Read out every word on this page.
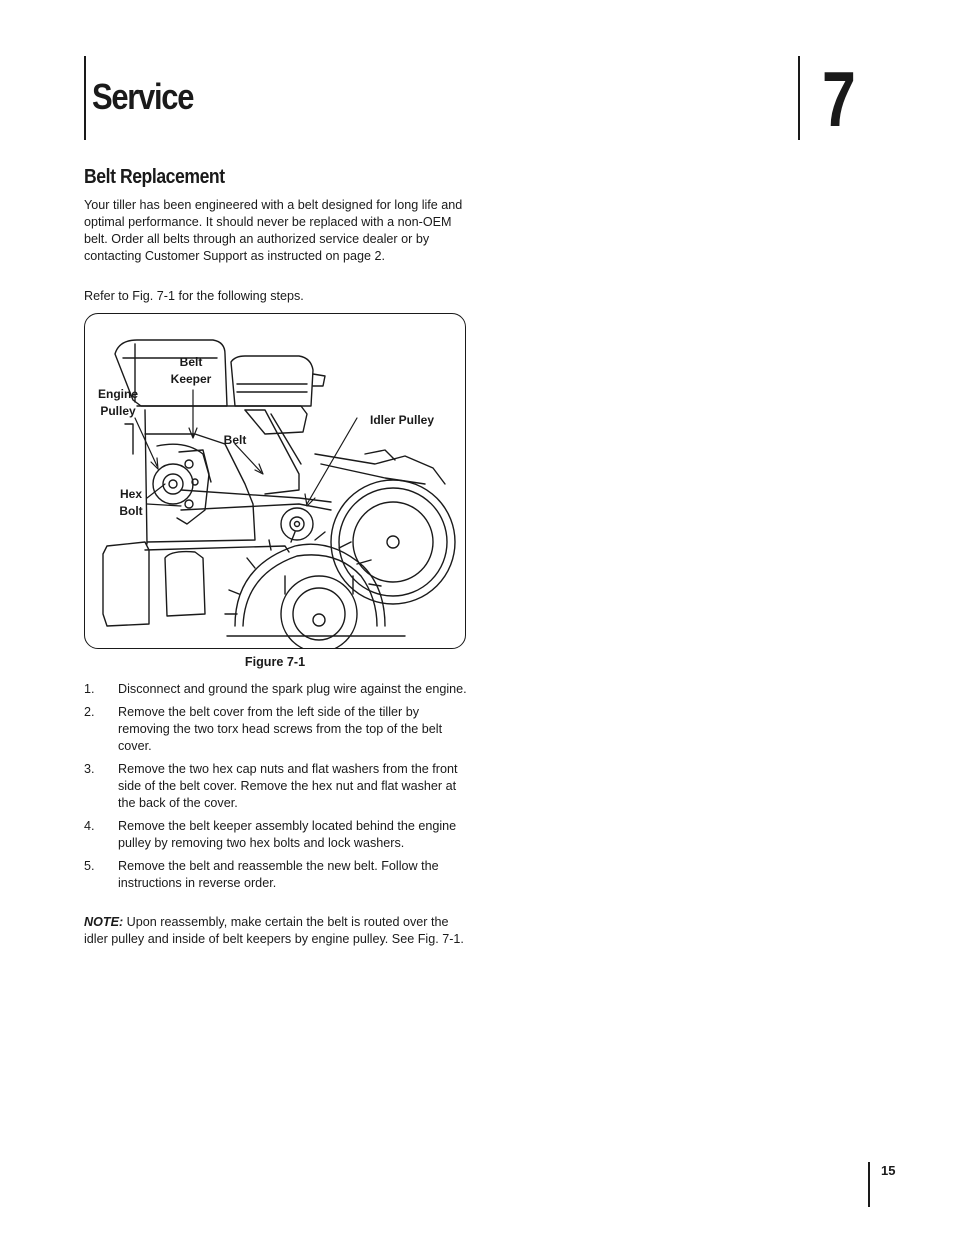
Service	7
Belt Replacement

Your tiller has been engineered with a belt designed for long life and optimal performance. It should never be replaced with a non-OEM belt. Order all belts through an authorized service dealer or by contacting Customer Support as instructed on page 2.

Refer to Fig. 7-1 for the following steps.

Belt
Keeper
Engine
Pulley
Belt
Idler Pulley
Hex
Bolt

Figure 7-1

1. Disconnect and ground the spark plug wire against the engine.
2. Remove the belt cover from the left side of the tiller by removing the two torx head screws from the top of the belt cover.
3. Remove the two hex cap nuts and flat washers from the front side of the belt cover. Remove the hex nut and flat washer at the back of the cover.
4. Remove the belt keeper assembly located behind the engine pulley by removing two hex bolts and lock washers.
5. Remove the belt and reassemble the new belt. Follow the instructions in reverse order.

NOTE: Upon reassembly, make certain the belt is routed over the idler pulley and inside of belt keepers by engine pulley. See Fig. 7-1.

15
